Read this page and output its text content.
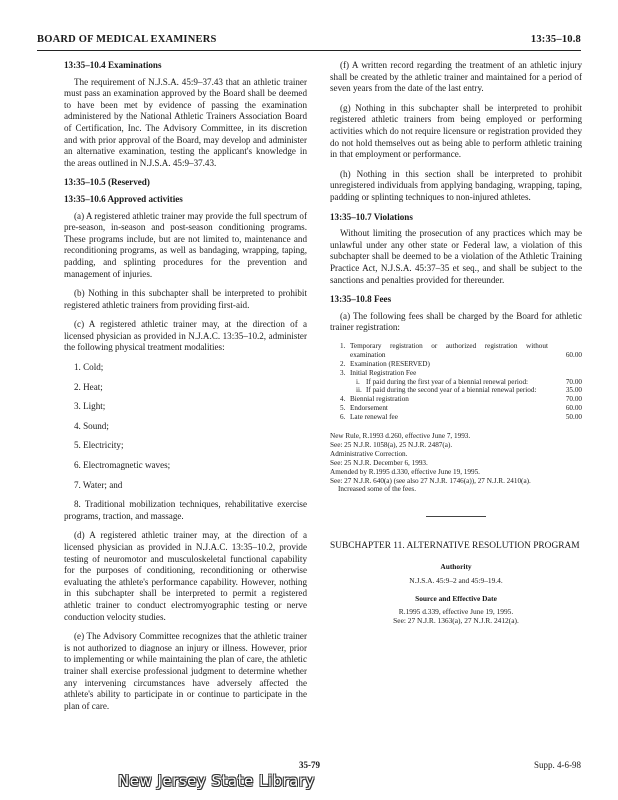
BOARD OF MEDICAL EXAMINERS	13:35–10.8
13:35–10.4 Examinations

The requirement of N.J.S.A. 45:9–37.43 that an athletic trainer must pass an examination approved by the Board shall be deemed to have been met by evidence of passing the examination administered by the National Athletic Trainers Association Board of Certification, Inc. The Advisory Committee, in its discretion and with prior approval of the Board, may develop and administer an alternative examination, testing the applicant's knowledge in the areas outlined in N.J.S.A. 45:9–37.43.

13:35–10.5 (Reserved)
13:35–10.6 Approved activities

(a) A registered athletic trainer may provide the full spectrum of pre-season, in-season and post-season conditioning programs. These programs include, but are not limited to, maintenance and reconditioning programs, as well as bandaging, wrapping, taping, padding, and splinting procedures for the prevention and management of injuries.

(b) Nothing in this subchapter shall be interpreted to prohibit registered athletic trainers from providing first-aid.

(c) A registered athletic trainer may, at the direction of a licensed physician as provided in N.J.A.C. 13:35–10.2, administer the following physical treatment modalities:

1. Cold;
2. Heat;
3. Light;
4. Sound;
5. Electricity;
6. Electromagnetic waves;
7. Water; and
8. Traditional mobilization techniques, rehabilitative exercise programs, traction, and massage.

(d) A registered athletic trainer may, at the direction of a licensed physician as provided in N.J.A.C. 13:35–10.2, provide testing of neuromotor and musculoskeletal functional capability for the purposes of conditioning, reconditioning or otherwise evaluating the athlete's performance capability. However, nothing in this subchapter shall be interpreted to permit a registered athletic trainer to conduct electromyographic testing or nerve conduction velocity studies.

(e) The Advisory Committee recognizes that the athletic trainer is not authorized to diagnose an injury or illness. However, prior to implementing or while maintaining the plan of care, the athletic trainer shall exercise professional judgment to determine whether any intervening circumstances have adversely affected the athlete's ability to participate in or continue to participate in the plan of care.

(f) A written record regarding the treatment of an athletic injury shall be created by the athletic trainer and maintained for a period of seven years from the date of the last entry.

(g) Nothing in this subchapter shall be interpreted to prohibit registered athletic trainers from being employed or performing activities which do not require licensure or registration provided they do not hold themselves out as being able to perform athletic training in that employment or performance.

(h) Nothing in this section shall be interpreted to prohibit unregistered individuals from applying bandaging, wrapping, taping, padding or splinting techniques to non-injured athletes.

13:35–10.7 Violations

Without limiting the prosecution of any practices which may be unlawful under any other state or Federal law, a violation of this subchapter shall be deemed to be a violation of the Athletic Training Practice Act, N.J.S.A. 45:37–35 et seq., and shall be subject to the sanctions and penalties provided for thereunder.

13:35–10.8 Fees

(a) The following fees shall be charged by the Board for athletic trainer registration:

1. Temporary registration or authorized registration without examination	60.00
2. Examination (RESERVED)
3. Initial Registration Fee
i. If paid during the first year of a biennial renewal period:	70.00
ii. If paid during the second year of a biennial renewal period:	35.00
4. Biennial registration	70.00
5. Endorsement	60.00
6. Late renewal fee	50.00
New Rule, R.1993 d.260, effective June 7, 1993.
See: 25 N.J.R. 1058(a), 25 N.J.R. 2487(a).
Administrative Correction.
See: 25 N.J.R. December 6, 1993.
Amended by R.1995 d.330, effective June 19, 1995.
See: 27 N.J.R. 640(a) (see also 27 N.J.R. 1746(a)), 27 N.J.R. 2410(a).
Increased some of the fees.
SUBCHAPTER 11. ALTERNATIVE RESOLUTION PROGRAM
Authority
N.J.S.A. 45:9–2 and 45:9–19.4.
Source and Effective Date
R.1995 d.339, effective June 19, 1995.
See: 27 N.J.R. 1363(a), 27 N.J.R. 2412(a).
35-79	Supp. 4-6-98
New Jersey State Library
